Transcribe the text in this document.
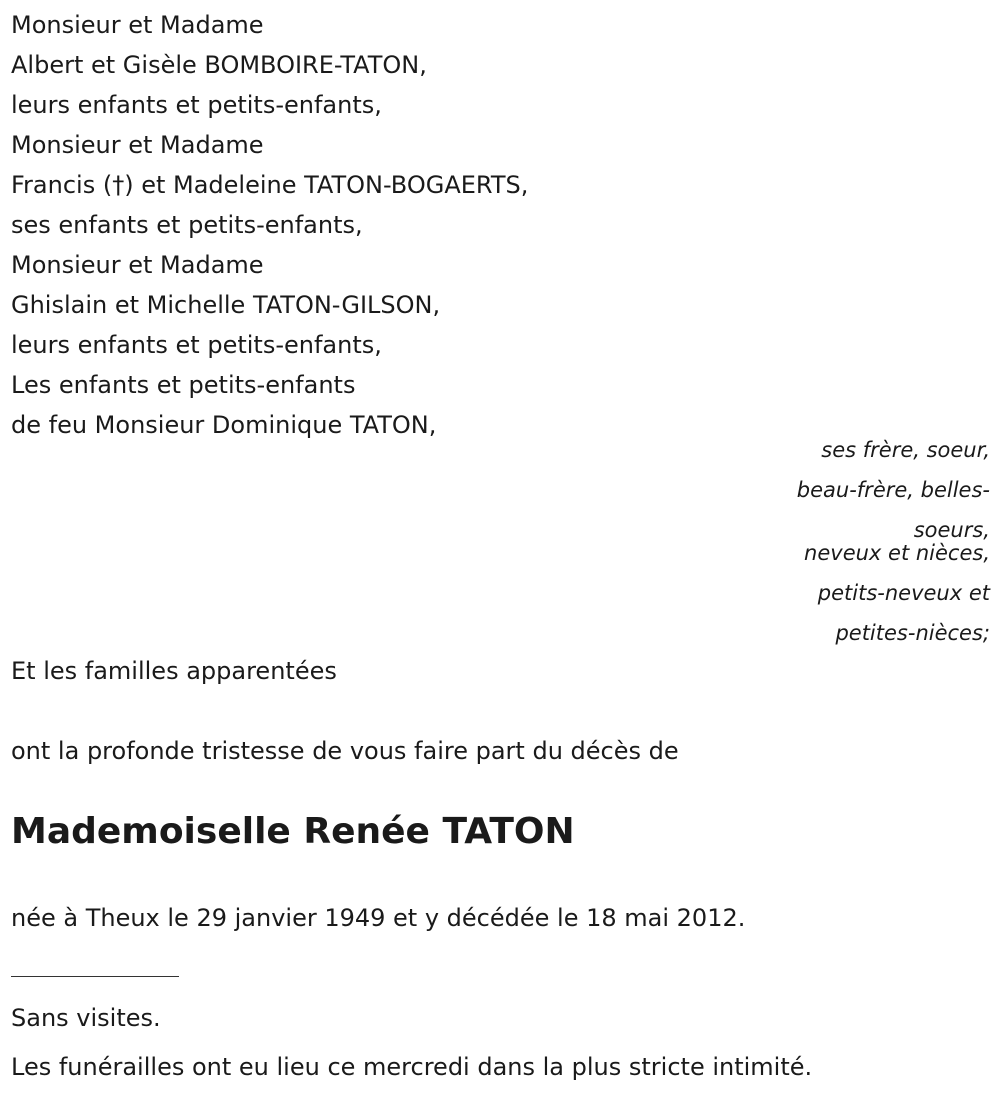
Monsieur et Madame
Albert et Gisèle BOMBOIRE-TATON,
leurs enfants et petits-enfants,
Monsieur et Madame
Francis (†) et Madeleine TATON-BOGAERTS,
ses enfants et petits-enfants,
Monsieur et Madame
Ghislain et Michelle TATON-GILSON,
leurs enfants et petits-enfants,
Les enfants et petits-enfants
de feu Monsieur Dominique TATON,
ses frère, soeur,
beau-frère, belles-
soeurs,
neveux et nièces,
petits-neveux et
petites-nièces;
Et les familles apparentées
ont la profonde tristesse de vous faire part du décès de
Mademoiselle Renée TATON
née à Theux le 29 janvier 1949 et y décédée le 18 mai 2012.
Sans visites.
Les funérailles ont eu lieu ce mercredi dans la plus stricte intimité.
